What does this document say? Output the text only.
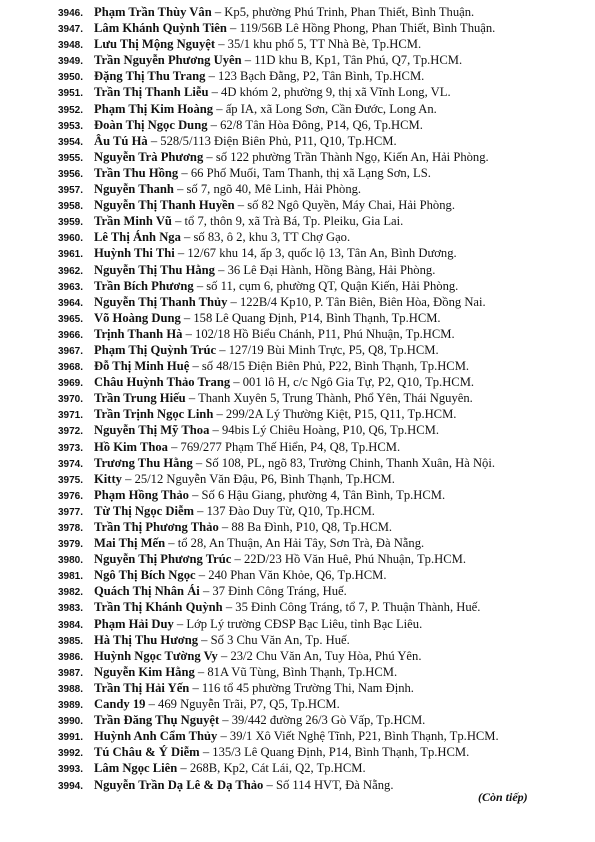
3946. Phạm Trần Thùy Vân – Kp5, phường Phú Trinh, Phan Thiết, Bình Thuận.
3947. Lâm Khánh Quỳnh Tiên – 119/56B Lê Hồng Phong, Phan Thiết, Bình Thuận.
3948. Lưu Thị Mộng Nguyệt – 35/1 khu phố 5, TT Nhà Bè, Tp.HCM.
3949. Trần Nguyễn Phương Uyên – 11D khu B, Kp1, Tân Phú, Q7, Tp.HCM.
3950. Đặng Thị Thu Trang – 123 Bạch Đằng, P2, Tân Bình, Tp.HCM.
3951. Trần Thị Thanh Liễu – 4D khóm 2, phường 9, thị xã Vĩnh Long, VL.
3952. Phạm Thị Kim Hoàng – ấp IA, xã Long Sơn, Cần Đước, Long An.
3953. Đoàn Thị Ngọc Dung – 62/8 Tân Hòa Đông, P14, Q6, Tp.HCM.
3954. Âu Tú Hà – 528/5/113 Điện Biên Phủ, P11, Q10, Tp.HCM.
3955. Nguyễn Trà Phương – số 122 phường Trần Thành Ngọ, Kiến An, Hải Phòng.
3956. Trần Thu Hồng – 66 Phố Muối, Tam Thanh, thị xã Lạng Sơn, LS.
3957. Nguyễn Thanh – số 7, ngõ 40, Mê Linh, Hải Phòng.
3958. Nguyễn Thị Thanh Huyền – số 82 Ngô Quyền, Máy Chai, Hải Phòng.
3959. Trần Minh Vũ – tổ 7, thôn 9, xã Trà Bá, Tp. Pleiku, Gia Lai.
3960. Lê Thị Ánh Nga – số 83, ô 2, khu 3, TT Chợ Gạo.
3961. Huỳnh Thi Thi – 12/67 khu 14, ấp 3, quốc lộ 13, Tân An, Bình Dương.
3962. Nguyễn Thị Thu Hằng – 36 Lê Đại Hành, Hồng Bàng, Hải Phòng.
3963. Trần Bích Phương – số 11, cụm 6, phường QT, Quận Kiến, Hải Phòng.
3964. Nguyễn Thị Thanh Thủy – 122B/4 Kp10, P. Tân Biên, Biên Hòa, Đồng Nai.
3965. Võ Hoàng Dung – 158 Lê Quang Định, P14, Bình Thạnh, Tp.HCM.
3966. Trịnh Thanh Hà – 102/18 Hồ Biểu Chánh, P11, Phú Nhuận, Tp.HCM.
3967. Phạm Thị Quỳnh Trúc – 127/19 Bùi Minh Trực, P5, Q8, Tp.HCM.
3968. Đỗ Thị Minh Huệ – số 48/15 Điện Biên Phủ, P22, Bình Thạnh, Tp.HCM.
3969. Châu Huỳnh Thảo Trang – 001 lô H, c/c Ngô Gia Tự, P2, Q10, Tp.HCM.
3970. Trần Trung Hiếu – Thanh Xuyên 5, Trung Thành, Phổ Yên, Thái Nguyên.
3971. Trần Trịnh Ngọc Linh – 299/2A Lý Thường Kiệt, P15, Q11, Tp.HCM.
3972. Nguyễn Thị Mỹ Thoa – 94bis Lý Chiêu Hoàng, P10, Q6, Tp.HCM.
3973. Hồ Kim Thoa – 769/277 Phạm Thế Hiển, P4, Q8, Tp.HCM.
3974. Trương Thu Hằng – Số 108, PL, ngõ 83, Trường Chinh, Thanh Xuân, Hà Nội.
3975. Kitty – 25/12 Nguyễn Văn Đậu, P6, Bình Thạnh, Tp.HCM.
3976. Phạm Hồng Thảo – Số 6 Hậu Giang, phường 4, Tân Bình, Tp.HCM.
3977. Từ Thị Ngọc Diễm – 137 Đào Duy Từ, Q10, Tp.HCM.
3978. Trần Thị Phương Thảo – 88 Ba Đình, P10, Q8, Tp.HCM.
3979. Mai Thị Mến – tổ 28, An Thuận, An Hải Tây, Sơn Trà, Đà Nẵng.
3980. Nguyễn Thị Phương Trúc – 22D/23 Hồ Văn Huê, Phú Nhuận, Tp.HCM.
3981. Ngô Thị Bích Ngọc – 240 Phan Văn Khỏe, Q6, Tp.HCM.
3982. Quách Thị Nhân Ái – 37 Đinh Công Tráng, Huế.
3983. Trần Thị Khánh Quỳnh – 35 Đinh Công Tráng, tổ 7, P. Thuận Thành, Huế.
3984. Phạm Hải Duy – Lớp Lý trường CĐSP Bạc Liêu, tỉnh Bạc Liêu.
3985. Hà Thị Thu Hương – Số 3 Chu Văn An, Tp. Huế.
3986. Huỳnh Ngọc Tường Vy – 23/2 Chu Văn An, Tuy Hòa, Phú Yên.
3987. Nguyễn Kim Hằng – 81A Vũ Tùng, Bình Thạnh, Tp.HCM.
3988. Trần Thị Hải Yến – 116 tổ 45 phường Trường Thi, Nam Định.
3989. Candy 19 – 469 Nguyễn Trãi, P7, Q5, Tp.HCM.
3990. Trần Đăng Thụ Nguyệt – 39/442 đường 26/3 Gò Vấp, Tp.HCM.
3991. Huỳnh Anh Cẩm Thủy – 39/1 Xô Viết Nghệ Tĩnh, P21, Bình Thạnh, Tp.HCM.
3992. Tú Châu & Ý Diễm – 135/3 Lê Quang Định, P14, Bình Thạnh, Tp.HCM.
3993. Lâm Ngọc Liên – 268B, Kp2, Cát Lái, Q2, Tp.HCM.
3994. Nguyễn Trần Dạ Lê & Dạ Thảo – Số 114 HVT, Đà Nẵng.
(Còn tiếp)
